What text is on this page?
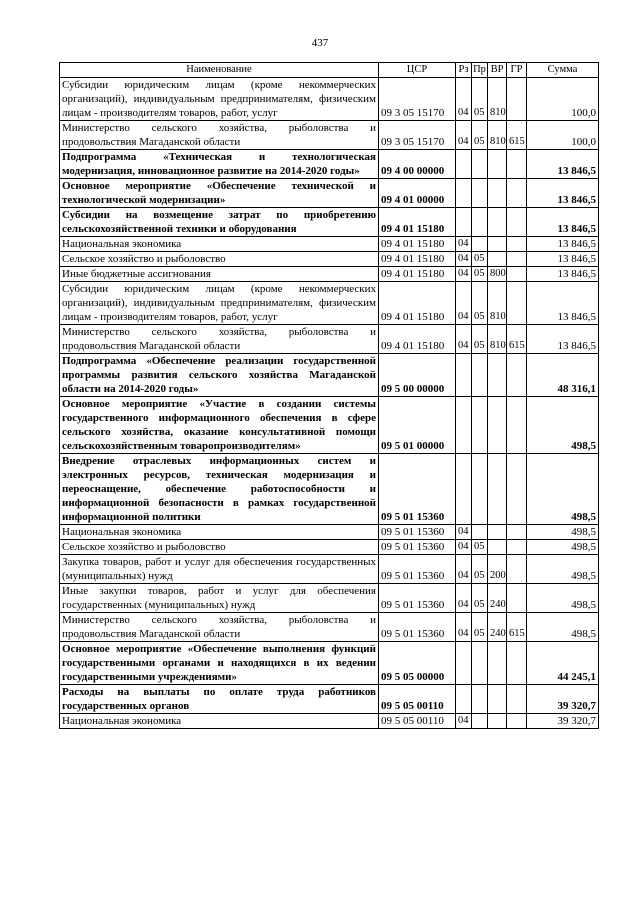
437
Наименование	ЦСР	Рз	Пр	ВР	ГР	Сумма
Субсидии юридическим лицам (кроме некоммерческих организаций), индивидуальным предпринимателям, физическим лицам - производителям товаров, работ, услуг	09 3 05 15170	04	05	810		100,0
Министерство сельского хозяйства, рыболовства и продовольствия Магаданской области	09 3 05 15170	04	05	810	615	100,0
Подпрограмма «Техническая и технологическая модернизация, инновационное развитие на 2014-2020 годы»	09 4 00 00000					13 846,5
Основное мероприятие «Обеспечение технической и технологической модернизации»	09 4 01 00000					13 846,5
Субсидии на возмещение затрат по приобретению сельскохозяйственной техники и оборудования	09 4 01 15180					13 846,5
Национальная экономика	09 4 01 15180	04				13 846,5
Сельское хозяйство и рыболовство	09 4 01 15180	04	05			13 846,5
Иные бюджетные ассигнования	09 4 01 15180	04	05	800		13 846,5
Субсидии юридическим лицам (кроме некоммерческих организаций), индивидуальным предпринимателям, физическим лицам - производителям товаров, работ, услуг	09 4 01 15180	04	05	810		13 846,5
Министерство сельского хозяйства, рыболовства и продовольствия Магаданской области	09 4 01 15180	04	05	810	615	13 846,5
Подпрограмма «Обеспечение реализации государственной программы развития сельского хозяйства Магаданской области на 2014-2020 годы»	09 5 00 00000					48 316,1
Основное мероприятие «Участие в создании системы государственного информационного обеспечения в сфере сельского хозяйства, оказание консультативной помощи сельскохозяйственным товаропроизводителям»	09 5 01 00000					498,5
Внедрение отраслевых информационных систем и электронных ресурсов, техническая модернизация и переоснащение, обеспечение работоспособности и информационной безопасности в рамках государственной информационной политики	09 5 01 15360					498,5
Национальная экономика	09 5 01 15360	04				498,5
Сельское хозяйство и рыболовство	09 5 01 15360	04	05			498,5
Закупка товаров, работ и услуг для обеспечения государственных (муниципальных) нужд	09 5 01 15360	04	05	200		498,5
Иные закупки товаров, работ и услуг для обеспечения государственных (муниципальных) нужд	09 5 01 15360	04	05	240		498,5
Министерство сельского хозяйства, рыболовства и продовольствия Магаданской области	09 5 01 15360	04	05	240	615	498,5
Основное мероприятие «Обеспечение выполнения функций государственными органами и находящихся в их ведении государственными учреждениями»	09 5 05 00000					44 245,1
Расходы на выплаты по оплате труда работников государственных органов	09 5 05 00110					39 320,7
Национальная экономика	09 5 05 00110	04				39 320,7
